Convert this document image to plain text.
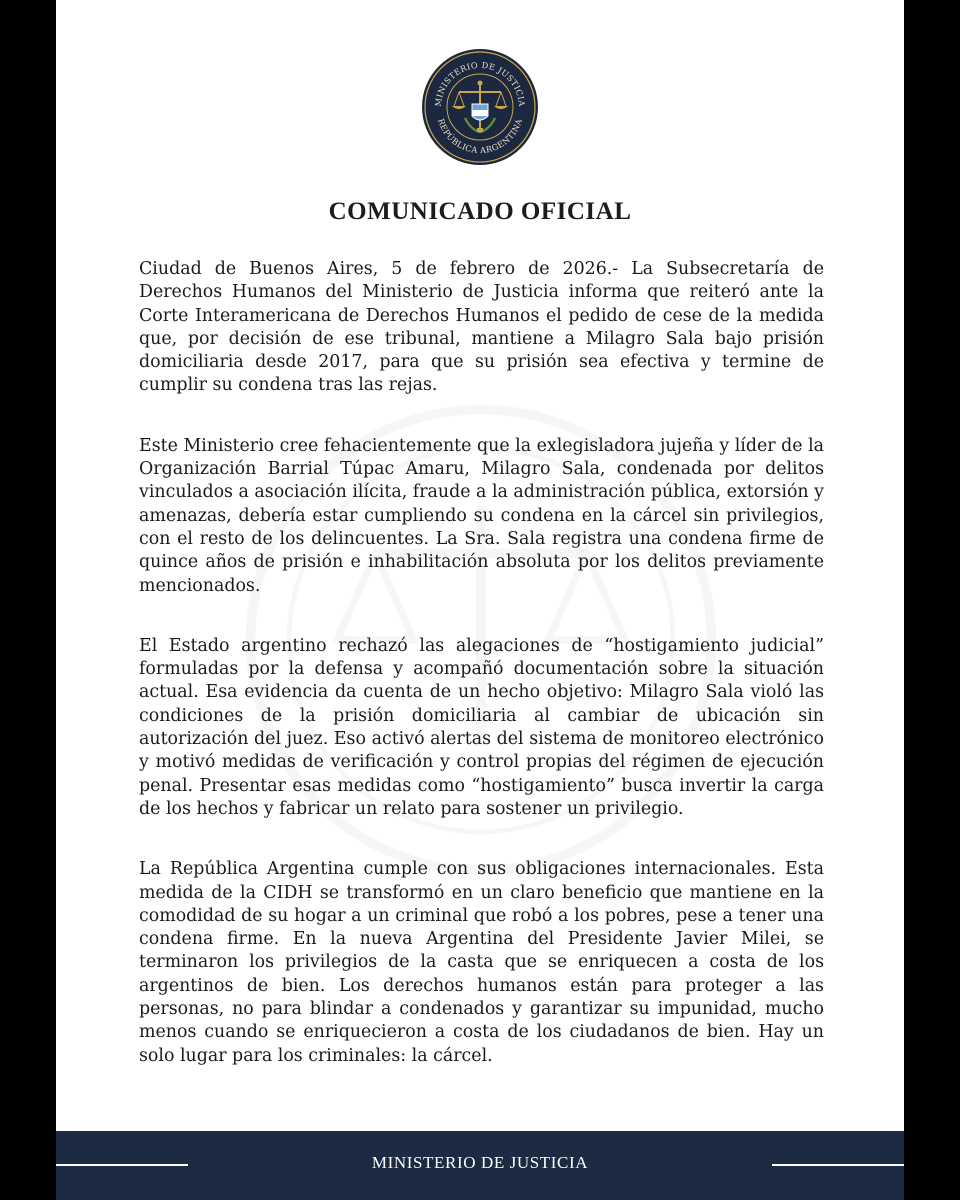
MINISTERIO DE JUSTICIA
REPÚBLICA ARGENTINA
COMUNICADO OFICIAL

Ciudad de Buenos Aires, 5 de febrero de 2026.- La Subsecretaría de Derechos Humanos del Ministerio de Justicia informa que reiteró ante la Corte Interamericana de Derechos Humanos el pedido de cese de la medida que, por decisión de ese tribunal, mantiene a Milagro Sala bajo prisión domiciliaria desde 2017, para que su prisión sea efectiva y termine de cumplir su condena tras las rejas.

Este Ministerio cree fehacientemente que la exlegisladora jujeña y líder de la Organización Barrial Túpac Amaru, Milagro Sala, condenada por delitos vinculados a asociación ilícita, fraude a la administración pública, extorsión y amenazas, debería estar cumpliendo su condena en la cárcel sin privilegios, con el resto de los delincuentes. La Sra. Sala registra una condena firme de quince años de prisión e inhabilitación absoluta por los delitos previamente mencionados.

El Estado argentino rechazó las alegaciones de “hostigamiento judicial” formuladas por la defensa y acompañó documentación sobre la situación actual. Esa evidencia da cuenta de un hecho objetivo: Milagro Sala violó las condiciones de la prisión domiciliaria al cambiar de ubicación sin autorización del juez. Eso activó alertas del sistema de monitoreo electrónico y motivó medidas de verificación y control propias del régimen de ejecución penal. Presentar esas medidas como “hostigamiento” busca invertir la carga de los hechos y fabricar un relato para sostener un privilegio.

La República Argentina cumple con sus obligaciones internacionales. Esta medida de la CIDH se transformó en un claro beneficio que mantiene en la comodidad de su hogar a un criminal que robó a los pobres, pese a tener una condena firme. En la nueva Argentina del Presidente Javier Milei, se terminaron los privilegios de la casta que se enriquecen a costa de los argentinos de bien. Los derechos humanos están para proteger a las personas, no para blindar a condenados y garantizar su impunidad, mucho menos cuando se enriquecieron a costa de los ciudadanos de bien. Hay un solo lugar para los criminales: la cárcel.

MINISTERIO DE JUSTICIA
